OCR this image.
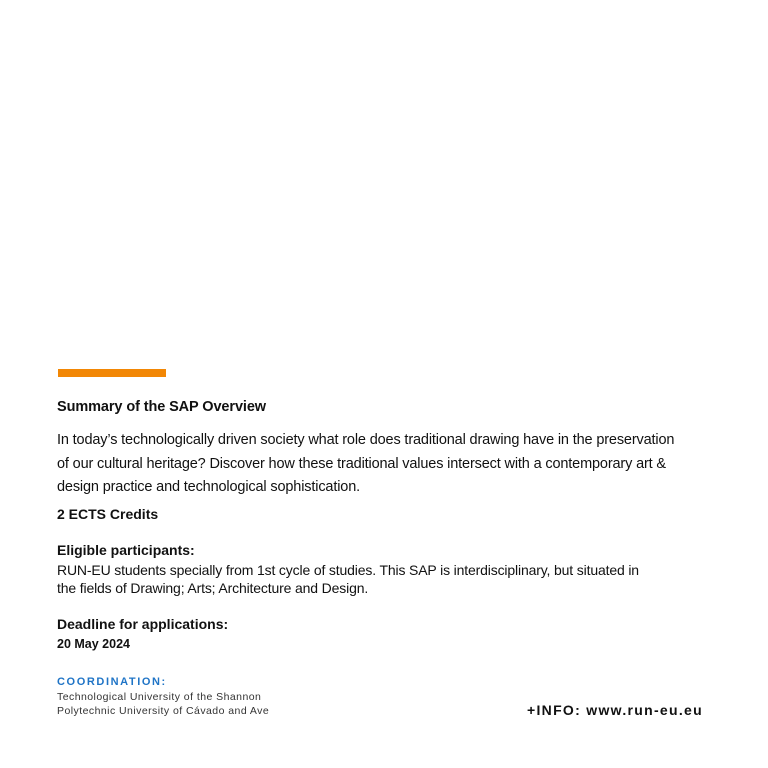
Summary of the SAP Overview
In today’s technologically driven society what role does traditional drawing have in the preservation
of our cultural heritage? Discover how these traditional values intersect with a contemporary art &
design practice and technological sophistication.
2 ECTS Credits
Eligible participants:
RUN-EU students specially from 1st cycle of studies. This SAP is interdisciplinary, but situated in
the fields of Drawing; Arts; Architecture and Design.
Deadline for applications:
20 May 2024
COORDINATION:
Technological University of the Shannon
Polytechnic University of Cávado and Ave	+INFO: www.run-eu.eu
